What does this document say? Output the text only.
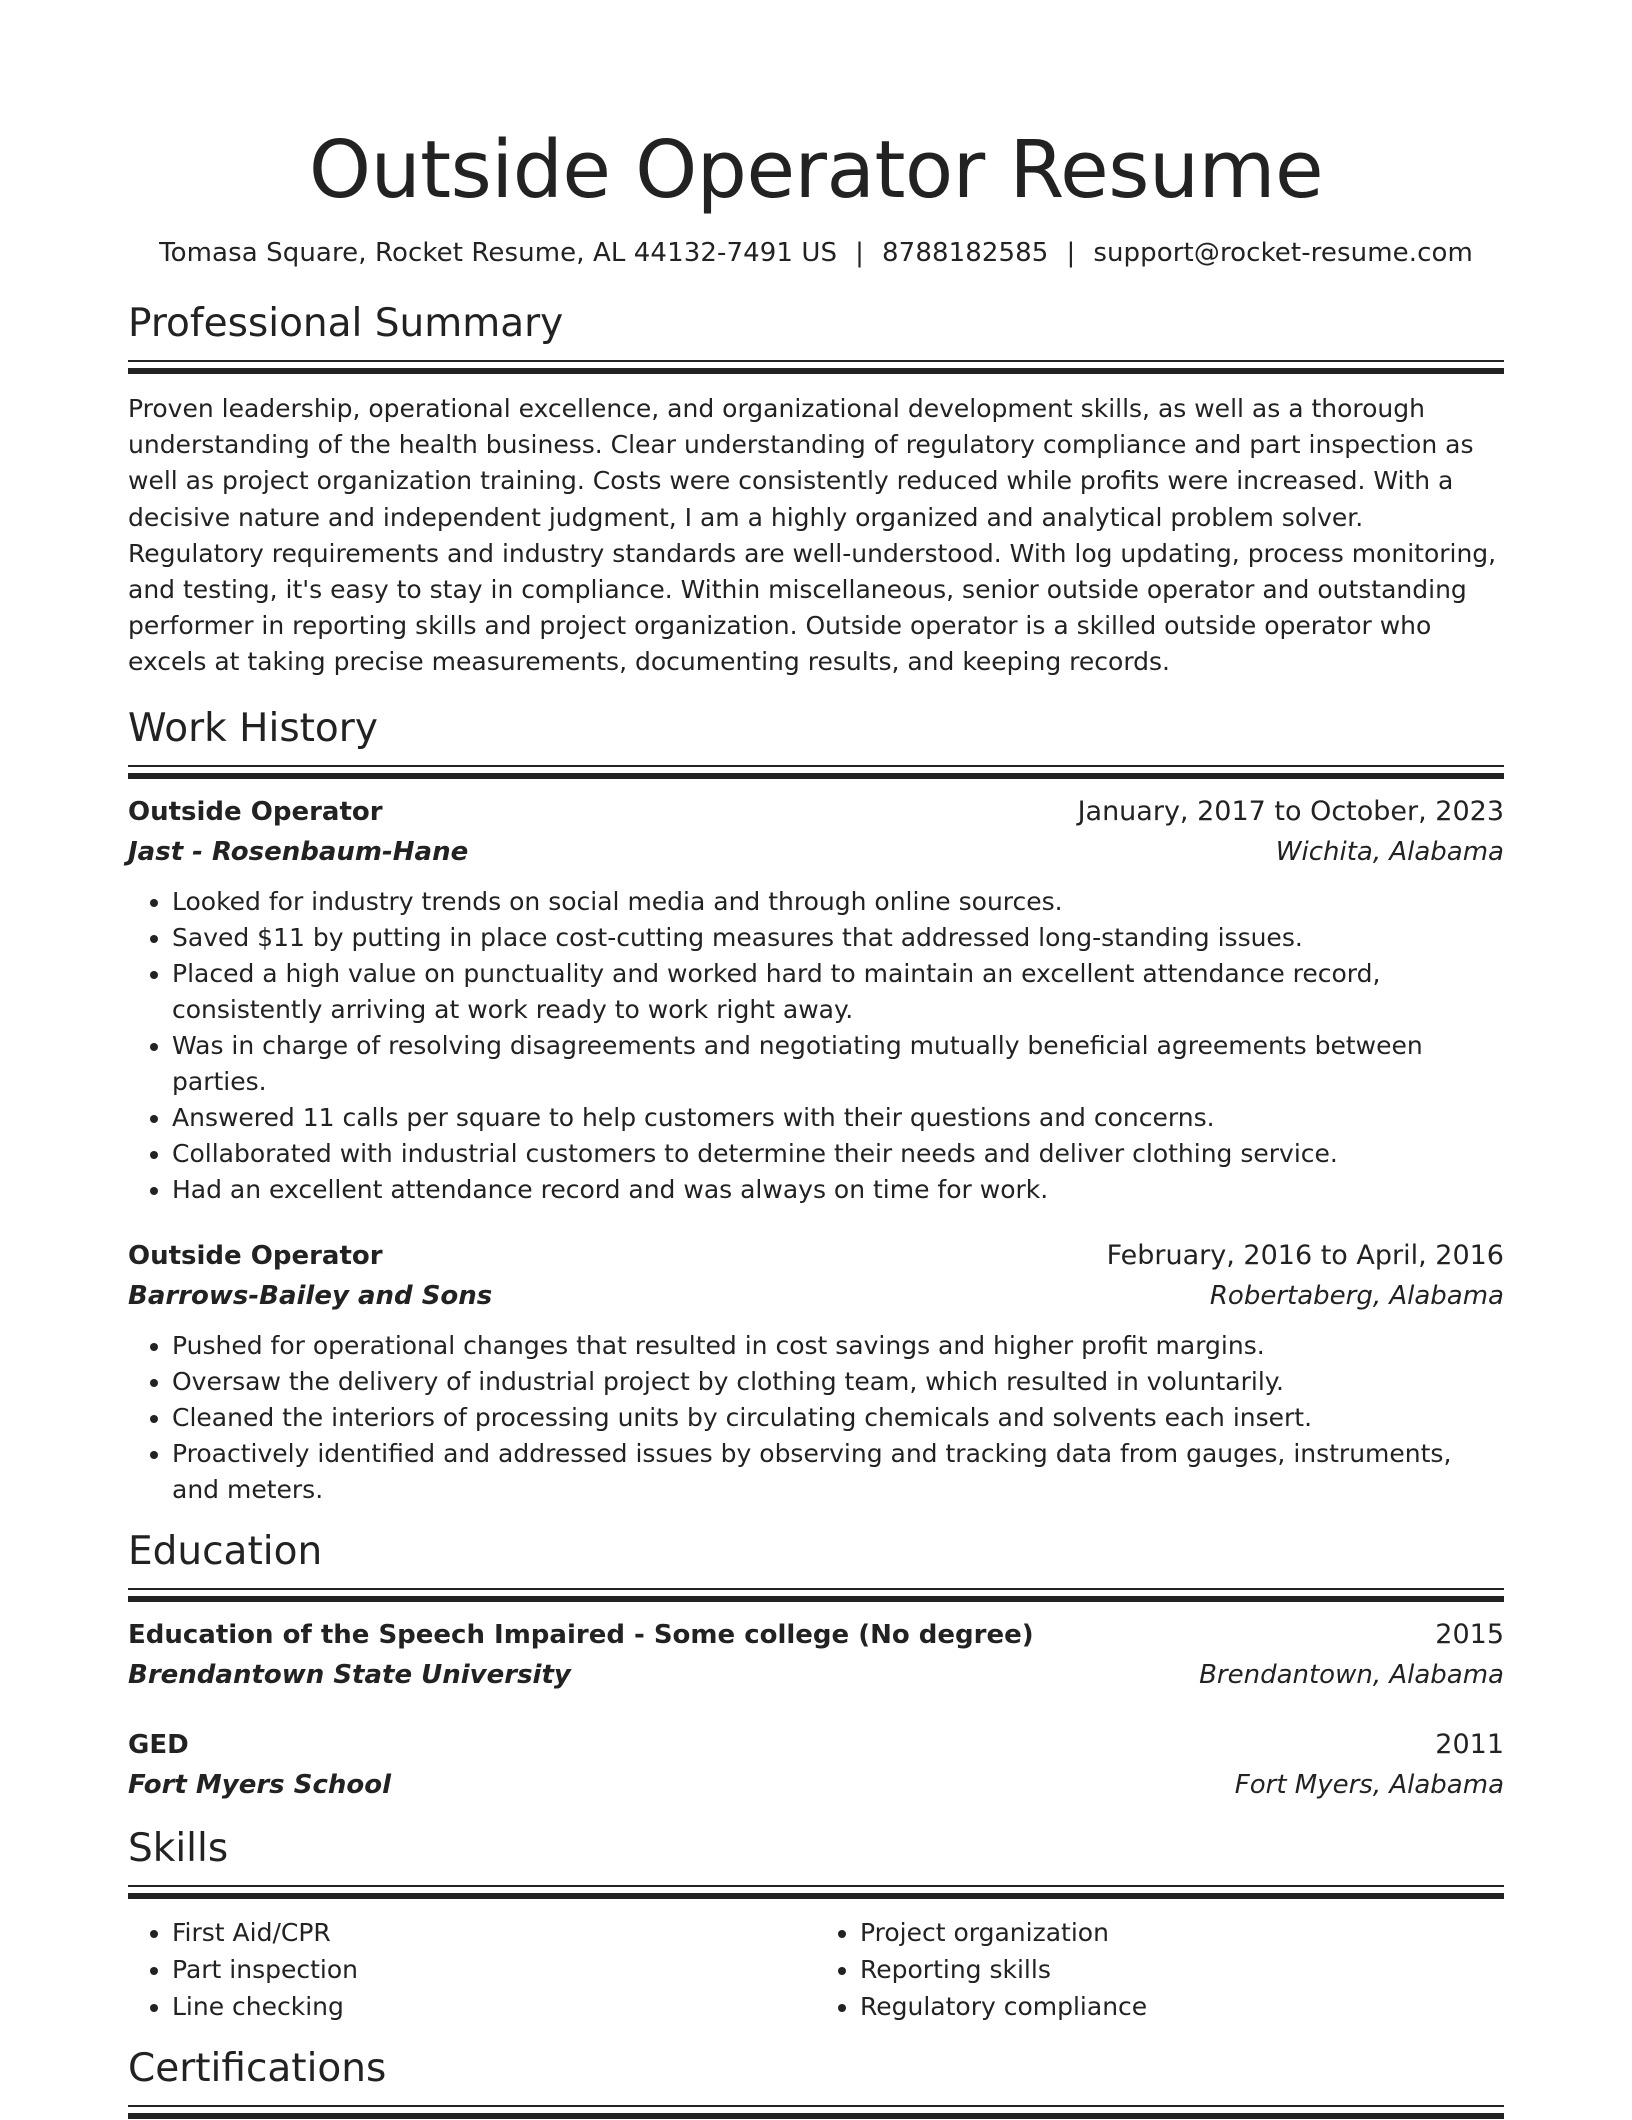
Outside Operator Resume
Tomasa Square, Rocket Resume, AL 44132-7491 US | 8788182585 | support@rocket-resume.com
Professional Summary

Proven leadership, operational excellence, and organizational development skills, as well as a thorough understanding of the health business. Clear understanding of regulatory compliance and part inspection as well as project organization training. Costs were consistently reduced while profits were increased. With a decisive nature and independent judgment, I am a highly organized and analytical problem solver. Regulatory requirements and industry standards are well-understood. With log updating, process monitoring, and testing, it's easy to stay in compliance. Within miscellaneous, senior outside operator and outstanding performer in reporting skills and project organization. Outside operator is a skilled outside operator who excels at taking precise measurements, documenting results, and keeping records.

Work History
Outside Operator	January, 2017 to October, 2023
Jast - Rosenbaum-Hane	Wichita, Alabama
• Looked for industry trends on social media and through online sources.
• Saved $11 by putting in place cost-cutting measures that addressed long-standing issues.
• Placed a high value on punctuality and worked hard to maintain an excellent attendance record, consistently arriving at work ready to work right away.
• Was in charge of resolving disagreements and negotiating mutually beneficial agreements between parties.
• Answered 11 calls per square to help customers with their questions and concerns.
• Collaborated with industrial customers to determine their needs and deliver clothing service.
• Had an excellent attendance record and was always on time for work.
Outside Operator	February, 2016 to April, 2016
Barrows-Bailey and Sons	Robertaberg, Alabama
• Pushed for operational changes that resulted in cost savings and higher profit margins.
• Oversaw the delivery of industrial project by clothing team, which resulted in voluntarily.
• Cleaned the interiors of processing units by circulating chemicals and solvents each insert.
• Proactively identified and addressed issues by observing and tracking data from gauges, instruments, and meters.
Education
Education of the Speech Impaired - Some college (No degree)	2015
Brendantown State University	Brendantown, Alabama
GED	2011
Fort Myers School	Fort Myers, Alabama
Skills
• First Aid/CPR
• Part inspection
• Line checking
• Project organization
• Reporting skills
• Regulatory compliance
Certifications
